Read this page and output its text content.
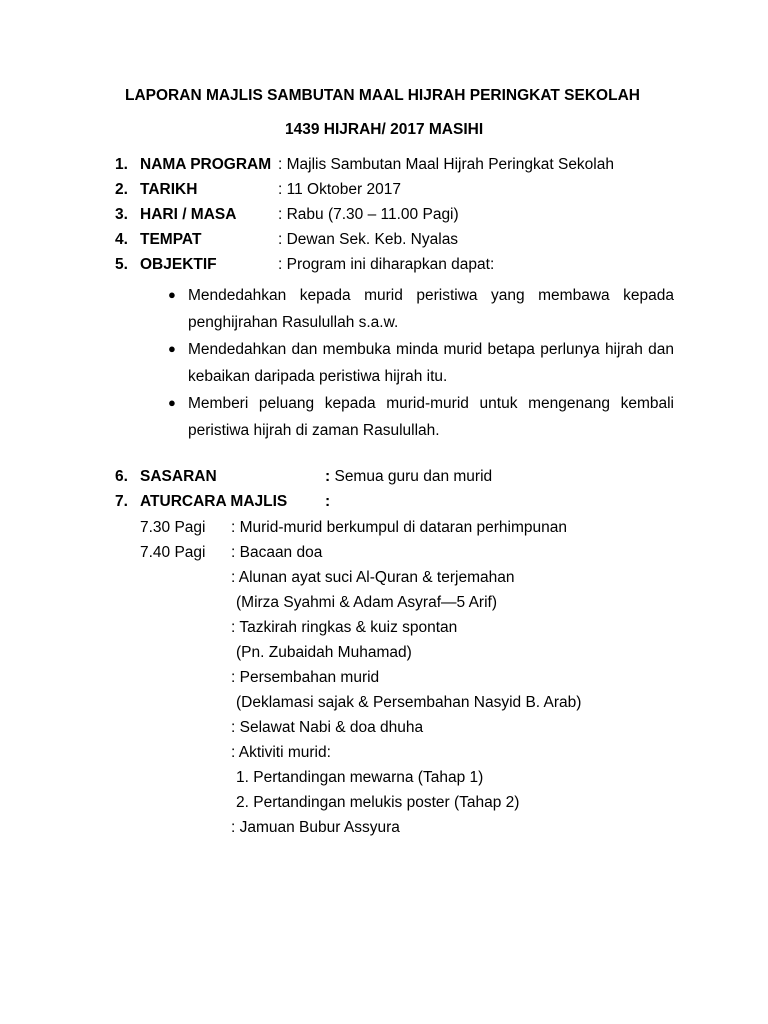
LAPORAN MAJLIS SAMBUTAN MAAL HIJRAH PERINGKAT SEKOLAH
1439 HIJRAH/ 2017 MASIHI
1. NAMA PROGRAM : Majlis Sambutan Maal Hijrah Peringkat Sekolah
2. TARIKH	: 11 Oktober 2017
3. HARI / MASA	: Rabu (7.30 – 11.00 Pagi)
4. TEMPAT	: Dewan Sek. Keb. Nyalas
5. OBJEKTIF	: Program ini diharapkan dapat:
● Mendedahkan kepada murid peristiwa yang membawa kepada
penghijrahan Rasulullah s.a.w.
● Mendedahkan dan membuka minda murid betapa perlunya hijrah dan
kebaikan daripada peristiwa hijrah itu.
● Memberi peluang kepada murid-murid untuk mengenang kembali
peristiwa hijrah di zaman Rasulullah.
6. SASARAN	: Semua guru dan murid
7. ATURCARA MAJLIS :
7.30 Pagi : Murid-murid berkumpul di dataran perhimpunan
7.40 Pagi : Bacaan doa
: Alunan ayat suci Al-Quran & terjemahan
(Mirza Syahmi & Adam Asyraf—5 Arif)
: Tazkirah ringkas & kuiz spontan
(Pn. Zubaidah Muhamad)
: Persembahan murid
(Deklamasi sajak & Persembahan Nasyid B. Arab)
: Selawat Nabi & doa dhuha
: Aktiviti murid:
1. Pertandingan mewarna (Tahap 1)
2. Pertandingan melukis poster (Tahap 2)
: Jamuan Bubur Assyura
